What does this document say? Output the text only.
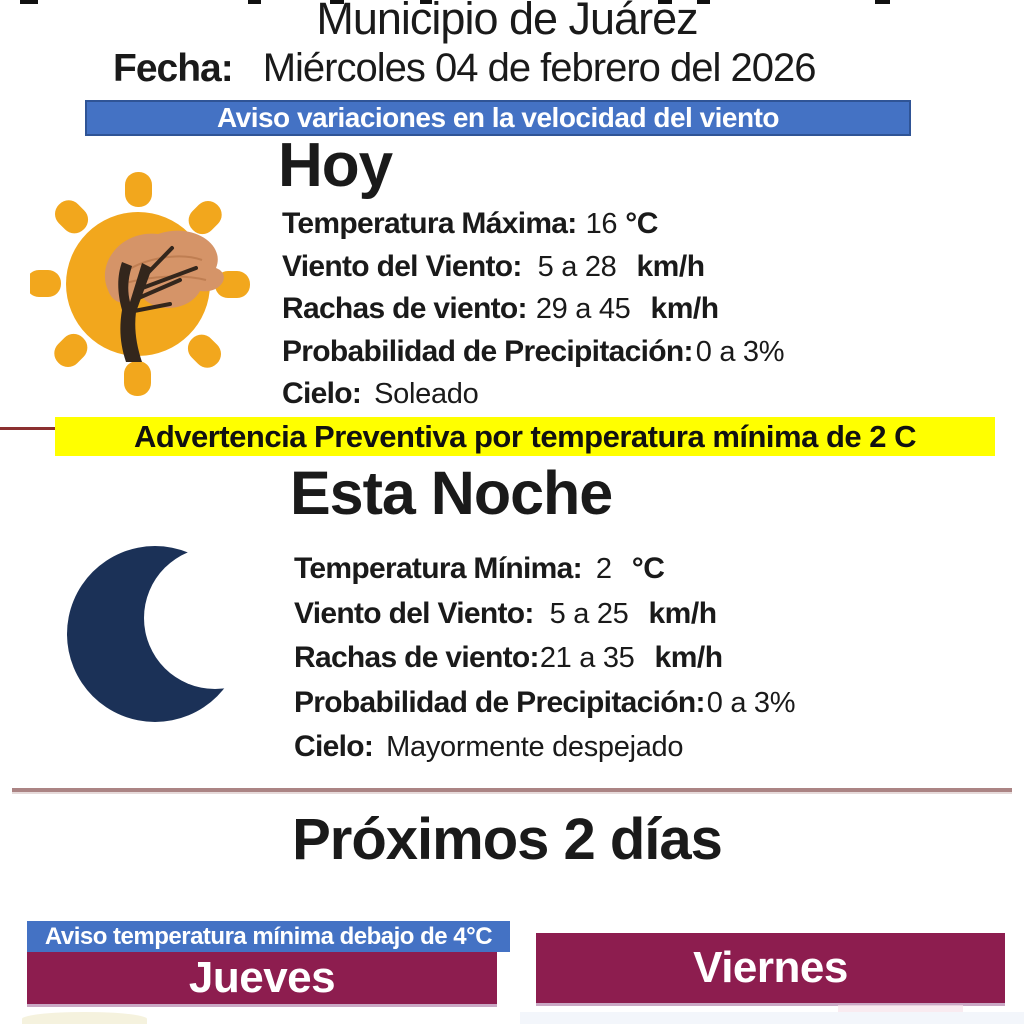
Municipio de Juárez
Fecha: Miércoles 04 de febrero del 2026
Aviso variaciones en la velocidad del viento
Hoy
Temperatura Máxima: 16 °C
Viento del Viento: 5 a 28 km/h
Rachas de viento: 29 a 45 km/h
Probabilidad de Precipitación: 0 a 3%
Cielo: Soleado
Advertencia Preventiva por temperatura mínima de 2 C
Esta Noche
Temperatura Mínima: 2 °C
Viento del Viento: 5 a 25 km/h
Rachas de viento:21 a 35 km/h
Probabilidad de Precipitación:0 a 3%
Cielo: Mayormente despejado
Próximos 2 días
Aviso temperatura mínima debajo de 4°C
Jueves	Viernes
